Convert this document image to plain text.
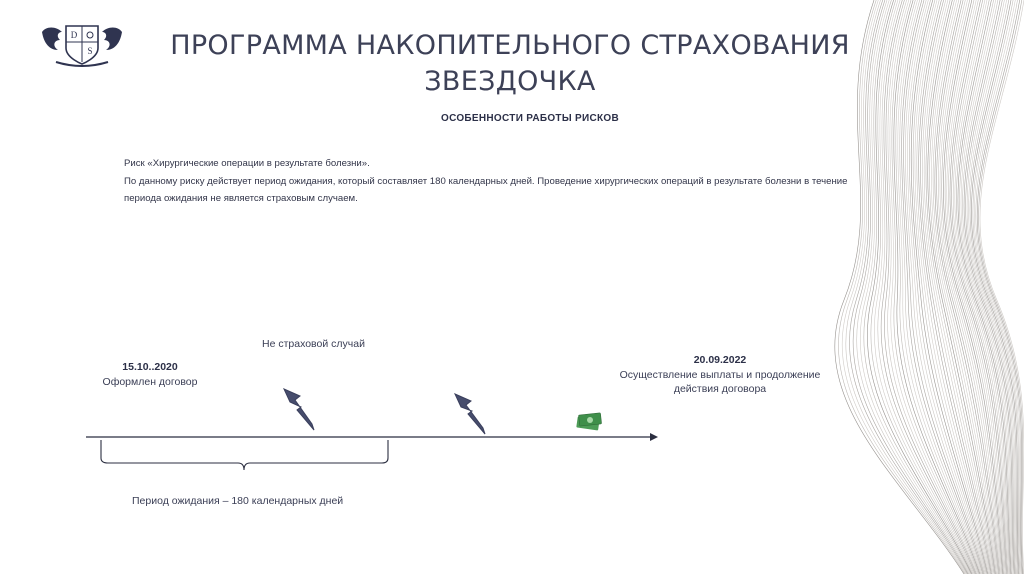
D
S	ПРОГРАММА НАКОПИТЕЛЬНОГО СТРАХОВАНИЯ
ЗВЕЗДОЧКА
ОСОБЕННОСТИ РАБОТЫ РИСКОВ
Риск «Хирургические операции в результате болезни».
По данному риску действует период ожидания, который составляет 180 календарных дней. Проведение хирургических операций в результате болезни в течение
периода ожидания не является страховым случаем.
Не страховой случай
15.10..2020
Оформлен договор
20.09.2022
Осуществление выплаты и продолжение
действия договора
Период ожидания – 180 календарных дней
